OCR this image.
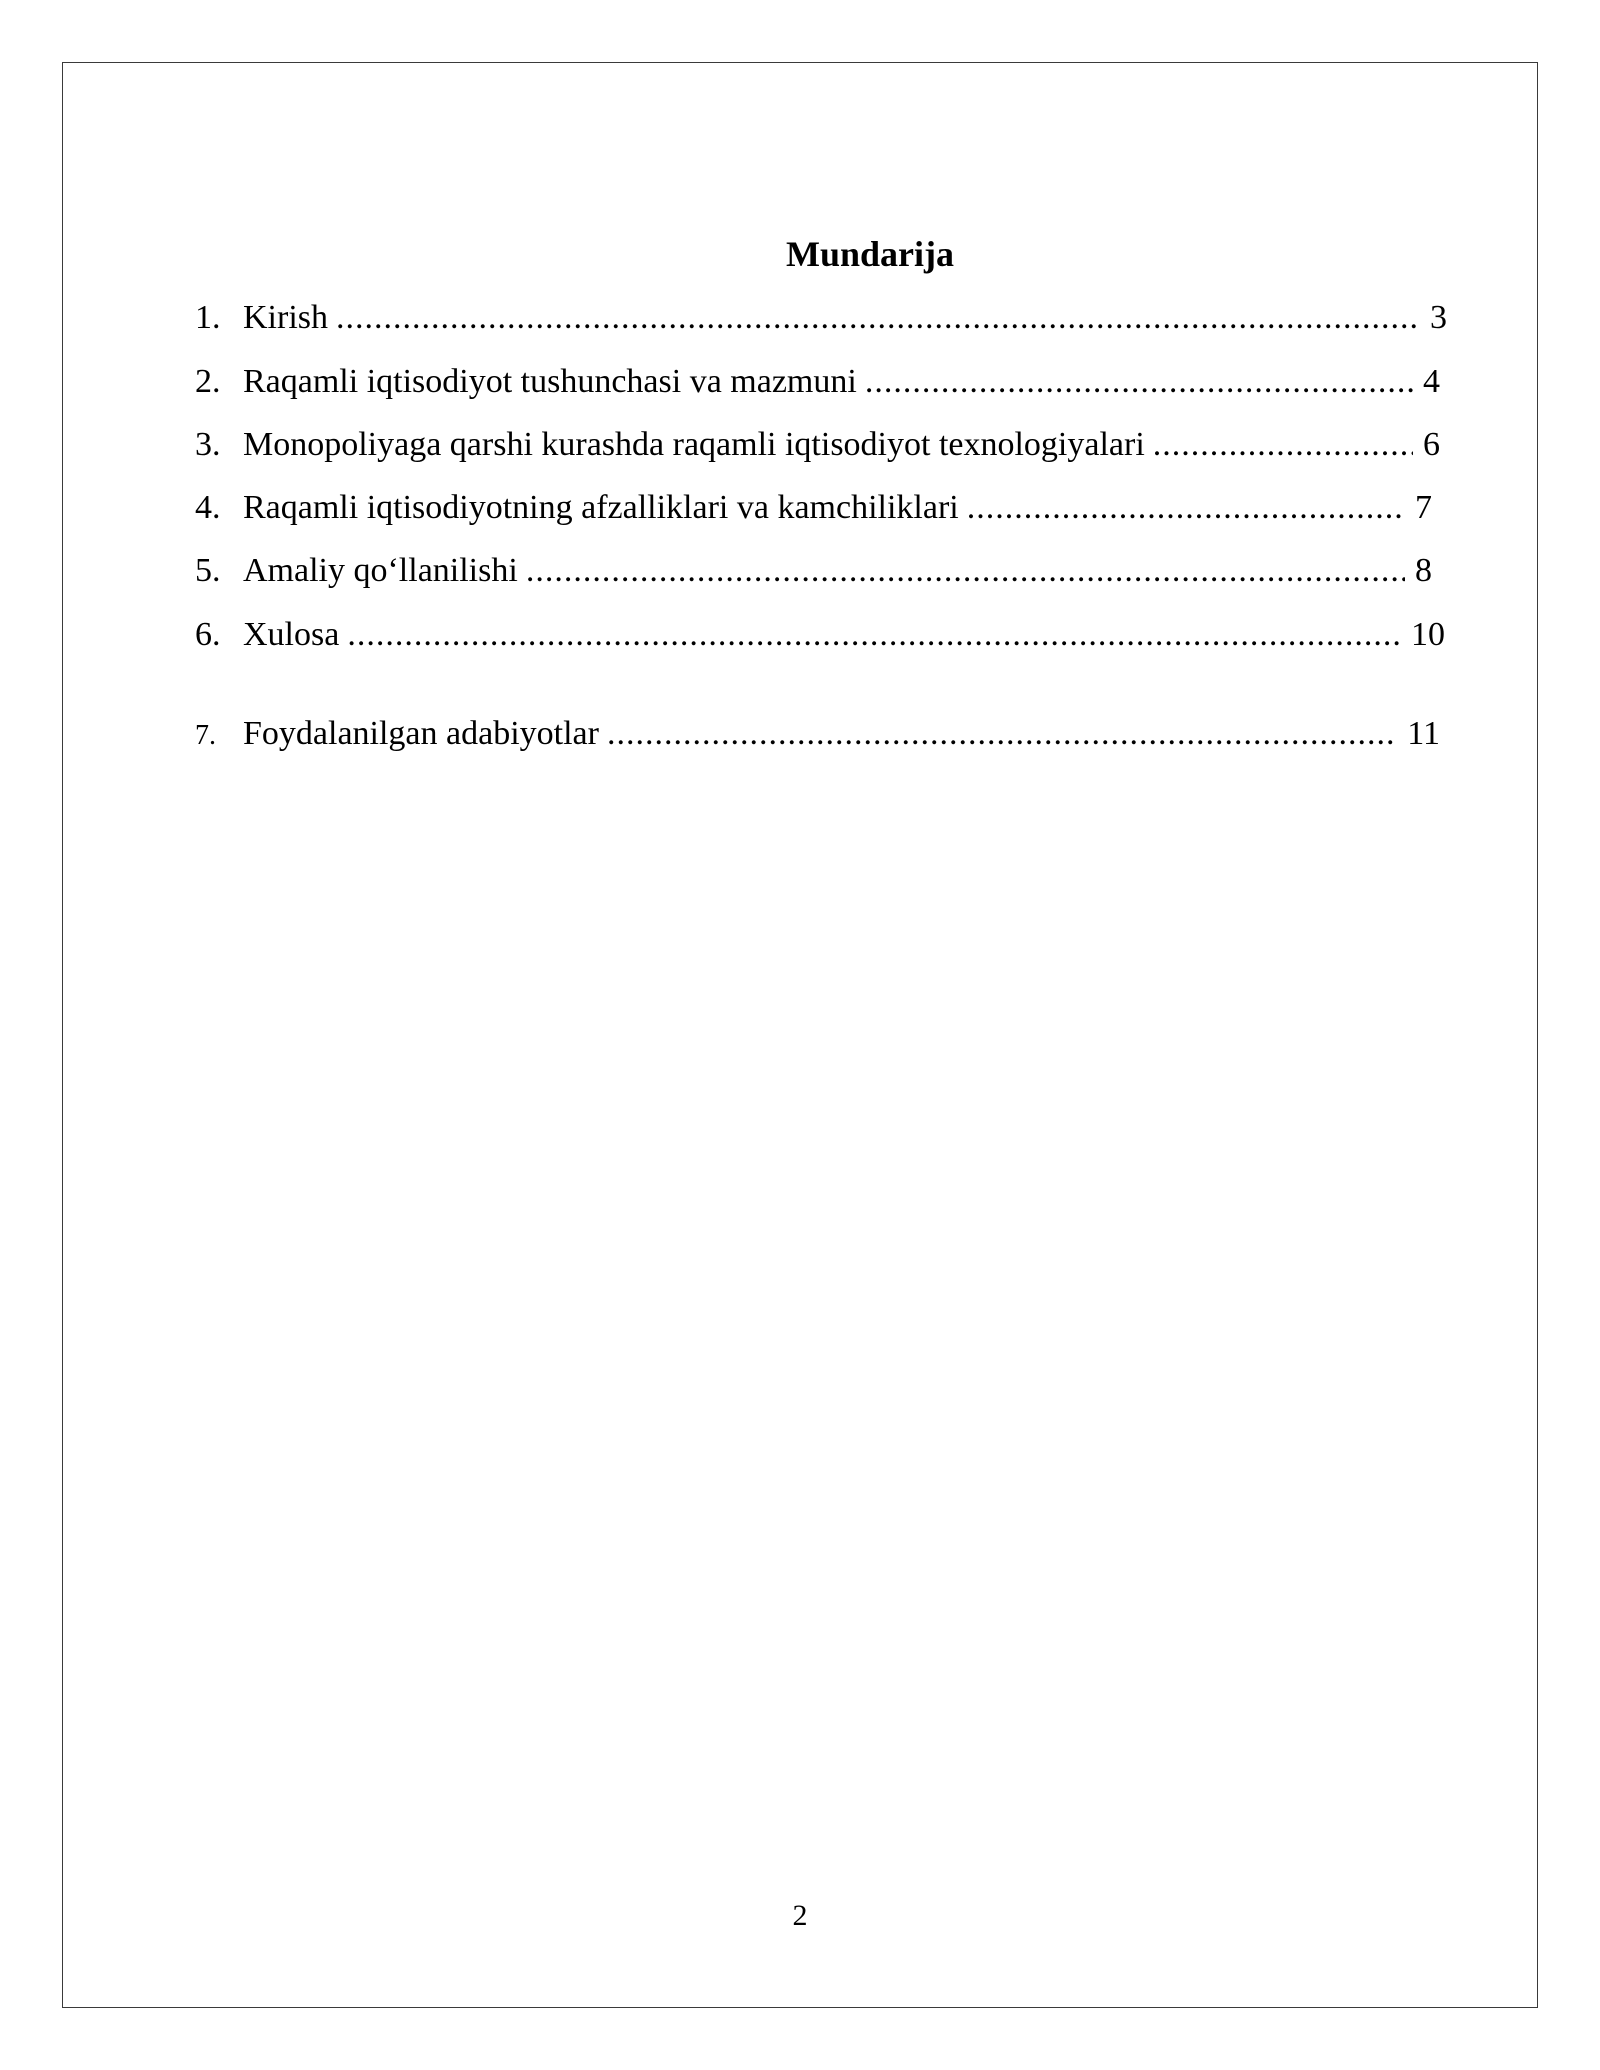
Mundarija
1. Kirish .....	3
2. Raqamli iqtisodiyot tushunchasi va mazmuni .....	4
3. Monopoliyaga qarshi kurashda raqamli iqtisodiyot texnologiyalari .....	6
4. Raqamli iqtisodiyotning afzalliklari va kamchiliklari .....	7
5. Amaliy qo‘llanilishi .....	8
6. Xulosa .....	10
7. Foydalanilgan adabiyotlar .....	11
2
